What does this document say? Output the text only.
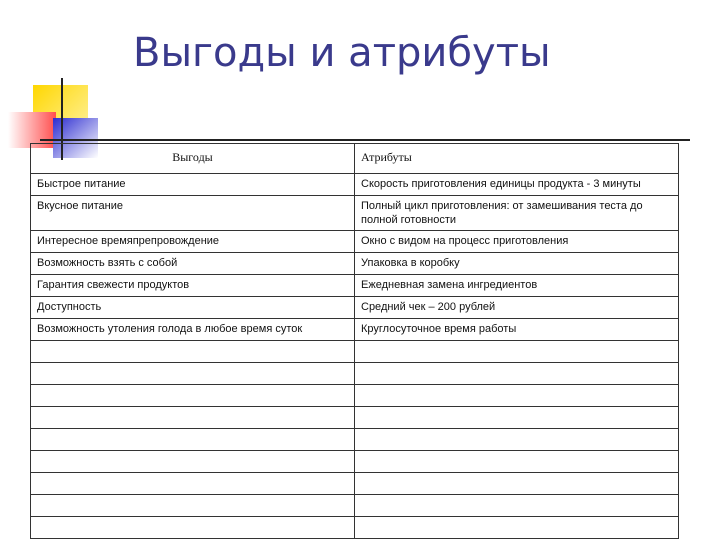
Выгоды и атрибуты
Выгоды	Атрибуты
Быстрое питание	Скорость приготовления единицы продукта - 3 минуты
Вкусное питание	Полный цикл приготовления: от замешивания теста до полной готовности
Интересное времяпрепровождение	Окно с видом на процесс приготовления
Возможность взять с собой	Упаковка в коробку
Гарантия свежести продуктов	Ежедневная замена ингредиентов
Доступность	Средний чек – 200 рублей
Возможность утоления голода в любое время суток	Круглосуточное время работы
